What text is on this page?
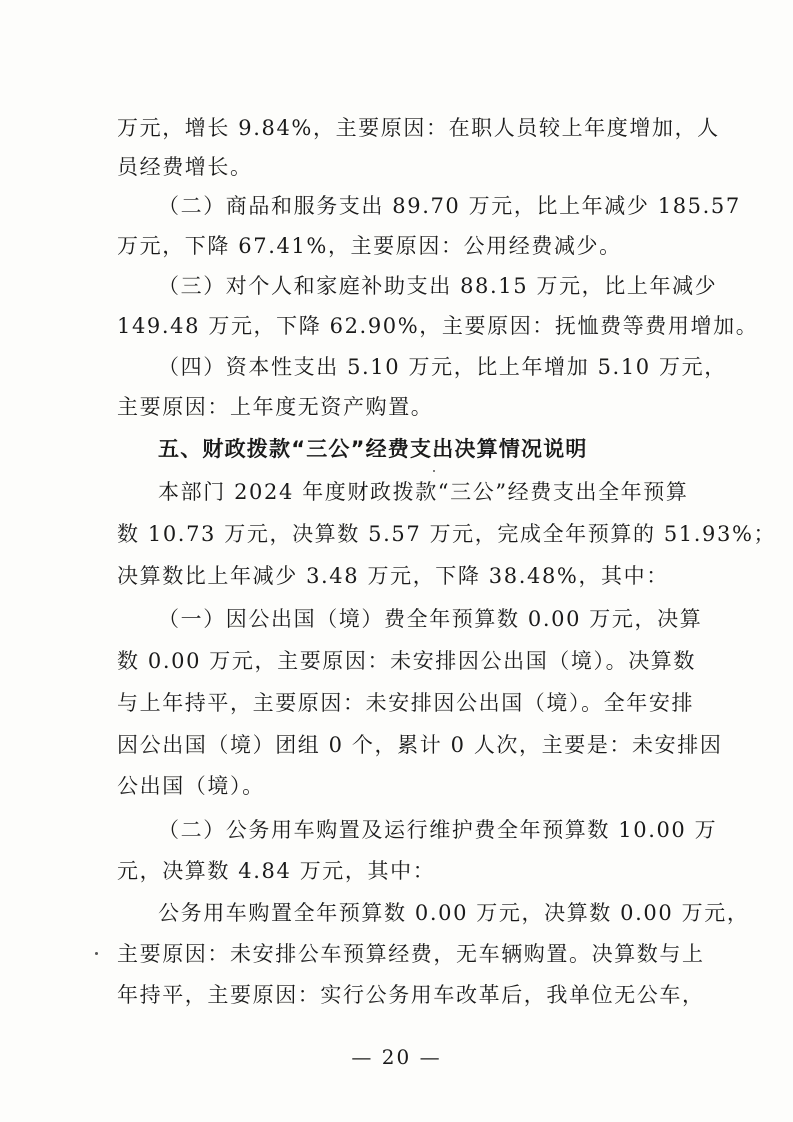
万元，增长 9.84%，主要原因：在职人员较上年度增加，人
员经费增长。
（二）商品和服务支出 89.70 万元，比上年减少 185.57
万元，下降 67.41%，主要原因：公用经费减少。
（三）对个人和家庭补助支出 88.15 万元，比上年减少
149.48 万元，下降 62.90%，主要原因：抚恤费等费用增加。
（四）资本性支出 5.10 万元，比上年增加 5.10 万元，
主要原因：上年度无资产购置。
五、财政拨款“三公”经费支出决算情况说明
本部门 2024 年度财政拨款“三公”经费支出全年预算
数 10.73 万元，决算数 5.57 万元，完成全年预算的 51.93%；
决算数比上年减少 3.48 万元，下降 38.48%，其中：
（一）因公出国（境）费全年预算数 0.00 万元，决算
数 0.00 万元，主要原因：未安排因公出国（境）。决算数
与上年持平，主要原因：未安排因公出国（境）。全年安排
因公出国（境）团组 0 个，累计 0 人次，主要是：未安排因
公出国（境）。
（二）公务用车购置及运行维护费全年预算数 10.00 万
元，决算数 4.84 万元，其中：
公务用车购置全年预算数 0.00 万元，决算数 0.00 万元，
主要原因：未安排公车预算经费，无车辆购置。决算数与上
年持平，主要原因：实行公务用车改革后，我单位无公车，
— 20 —
